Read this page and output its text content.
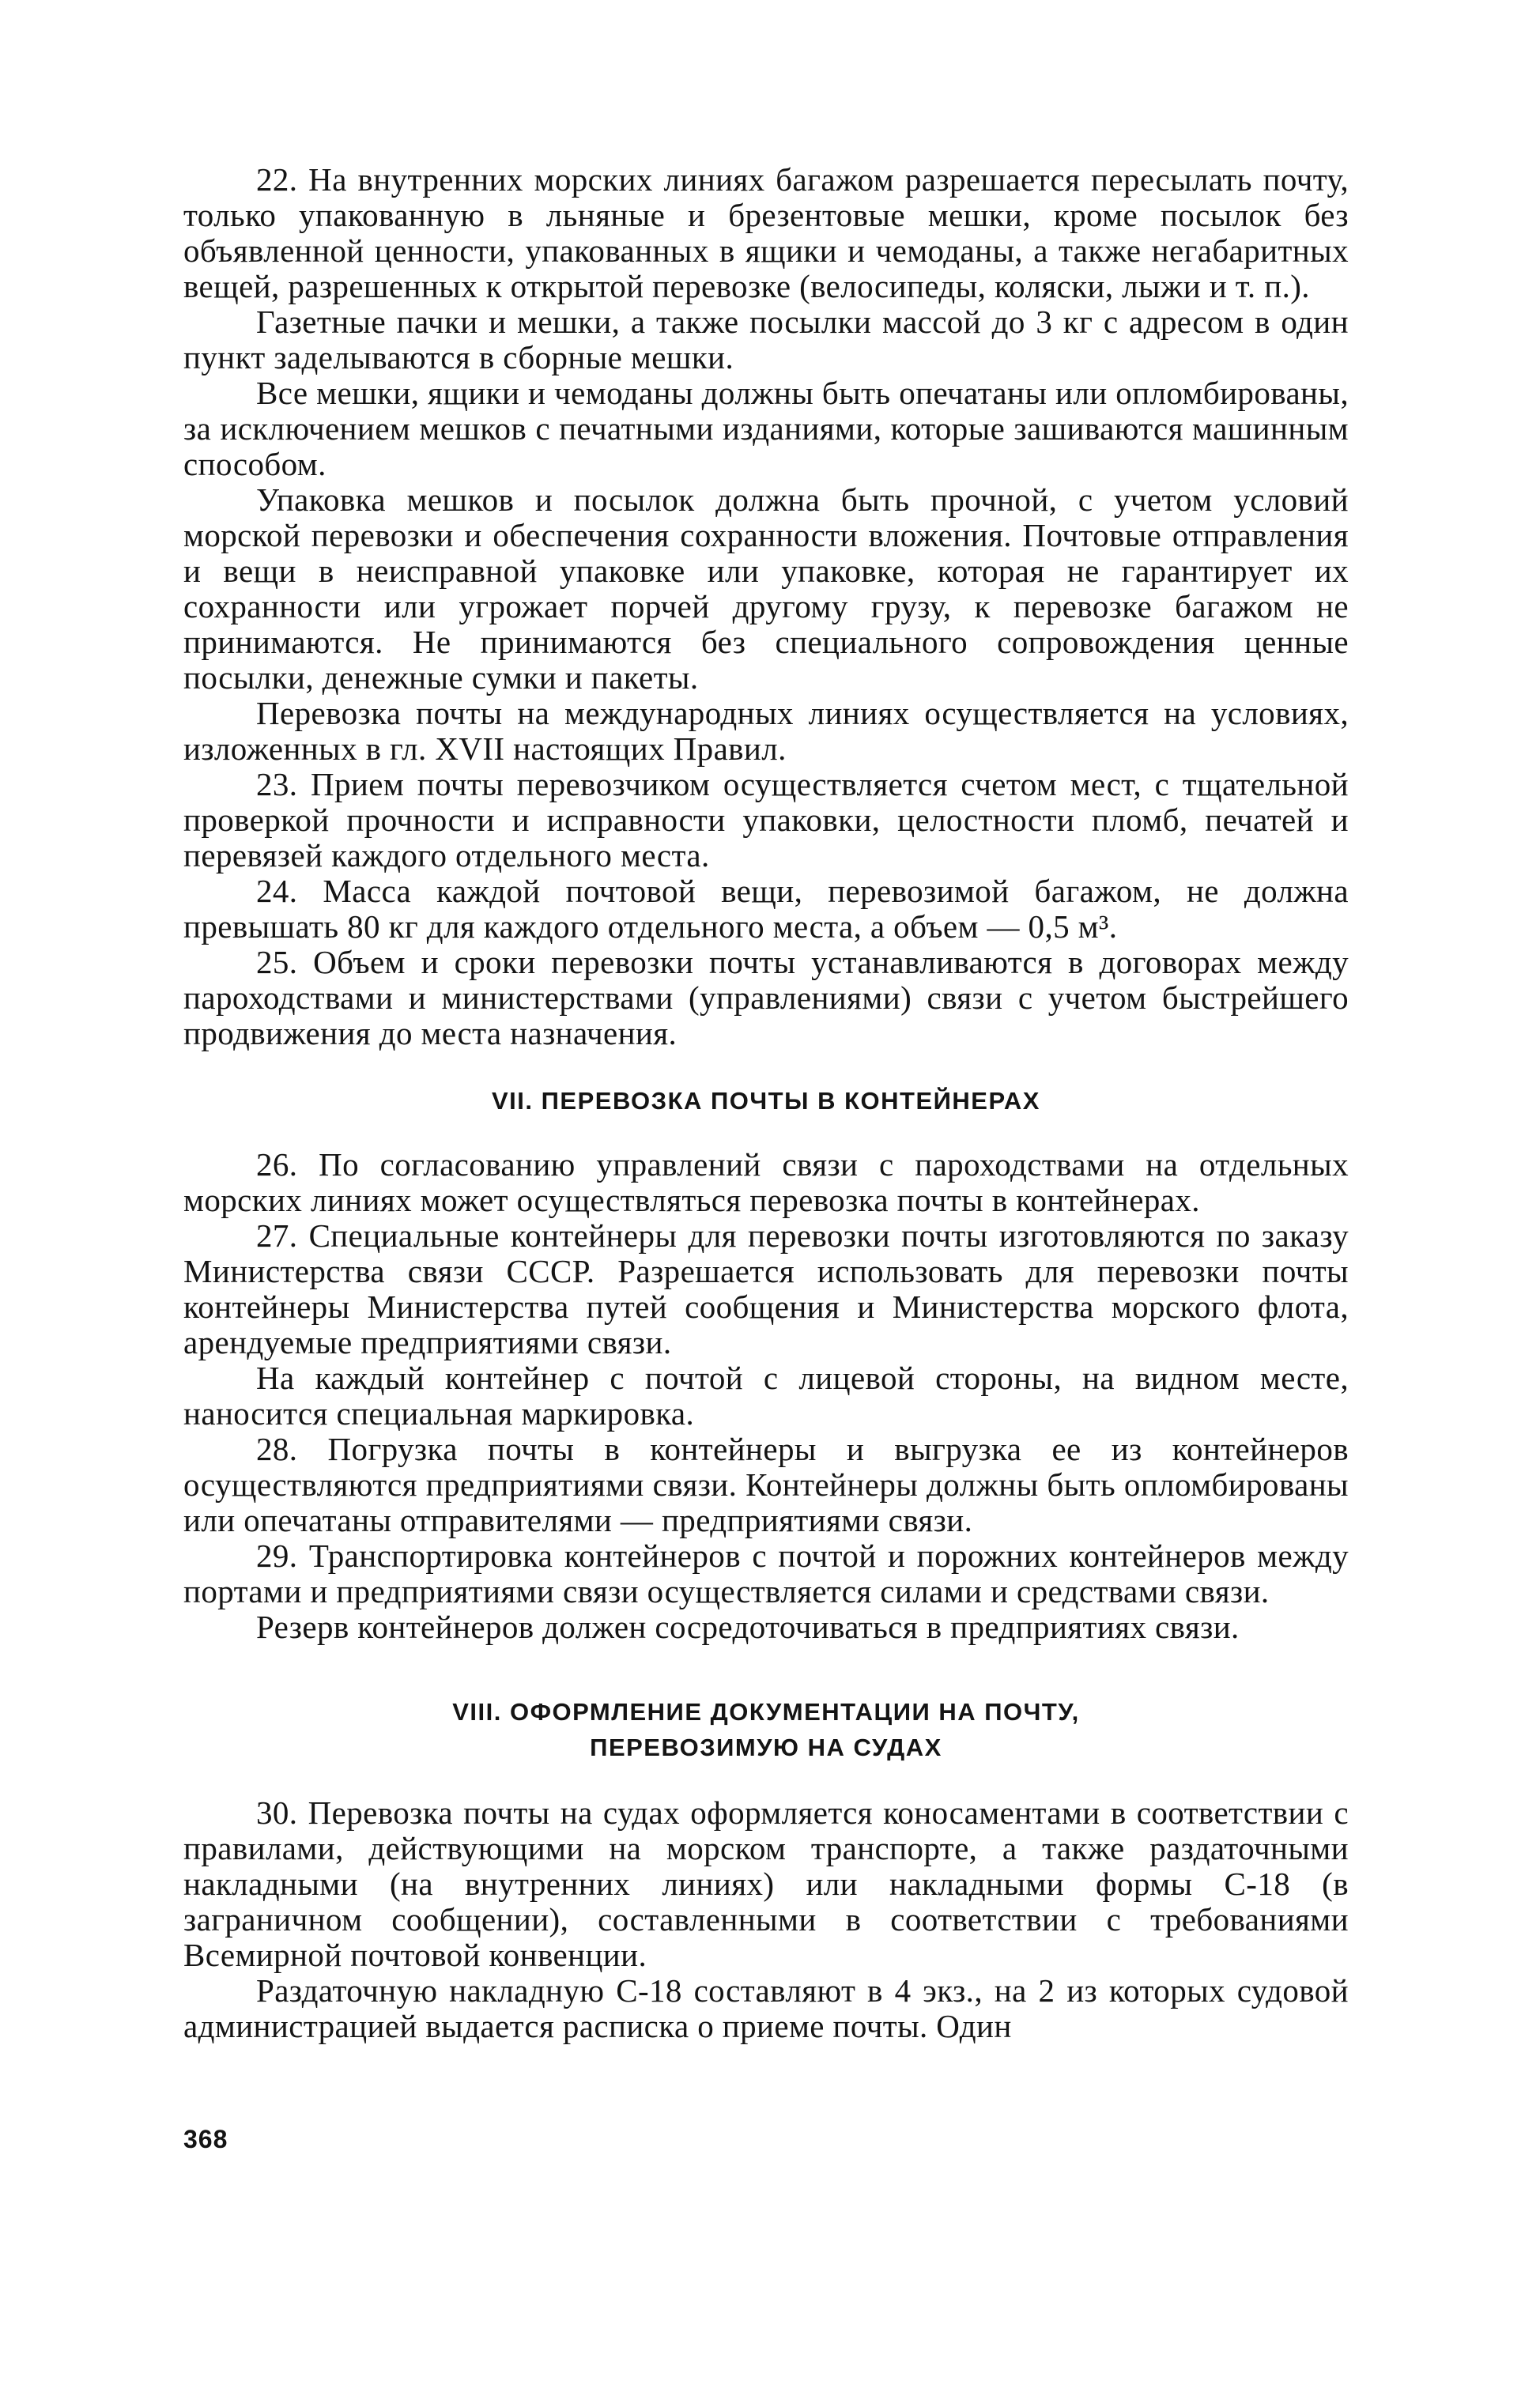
22. На внутренних морских линиях багажом разрешается пересылать почту, только упакованную в льняные и брезентовые мешки, кроме посылок без объявленной ценности, упакованных в ящики и чемоданы, а также негабаритных вещей, разрешенных к открытой перевозке (велосипеды, коляски, лыжи и т. п.).

Газетные пачки и мешки, а также посылки массой до 3 кг с адресом в один пункт заделываются в сборные мешки.

Все мешки, ящики и чемоданы должны быть опечатаны или опломбированы, за исключением мешков с печатными изданиями, которые зашиваются машинным способом.

Упаковка мешков и посылок должна быть прочной, с учетом условий морской перевозки и обеспечения сохранности вложения. Почтовые отправления и вещи в неисправной упаковке или упаковке, которая не гарантирует их сохранности или угрожает порчей другому грузу, к перевозке багажом не принимаются. Не принимаются без специального сопровождения ценные посылки, денежные сумки и пакеты.

Перевозка почты на международных линиях осуществляется на условиях, изложенных в гл. XVII настоящих Правил.

23. Прием почты перевозчиком осуществляется счетом мест, с тщательной проверкой прочности и исправности упаковки, целостности пломб, печатей и перевязей каждого отдельного места.

24. Масса каждой почтовой вещи, перевозимой багажом, не должна превышать 80 кг для каждого отдельного места, а объем — 0,5 м³.

25. Объем и сроки перевозки почты устанавливаются в договорах между пароходствами и министерствами (управлениями) связи с учетом быстрейшего продвижения до места назначения.

VII. ПЕРЕВОЗКА ПОЧТЫ В КОНТЕЙНЕРАХ

26. По согласованию управлений связи с пароходствами на отдельных морских линиях может осуществляться перевозка почты в контейнерах.

27. Специальные контейнеры для перевозки почты изготовляются по заказу Министерства связи СССР. Разрешается использовать для перевозки почты контейнеры Министерства путей сообщения и Министерства морского флота, арендуемые предприятиями связи.

На каждый контейнер с почтой с лицевой стороны, на видном месте, наносится специальная маркировка.

28. Погрузка почты в контейнеры и выгрузка ее из контейнеров осуществляются предприятиями связи. Контейнеры должны быть опломбированы или опечатаны отправителями — предприятиями связи.

29. Транспортировка контейнеров с почтой и порожних контейнеров между портами и предприятиями связи осуществляется силами и средствами связи.

Резерв контейнеров должен сосредоточиваться в предприятиях связи.

VIII. ОФОРМЛЕНИЕ ДОКУМЕНТАЦИИ НА ПОЧТУ,
ПЕРЕВОЗИМУЮ НА СУДАХ

30. Перевозка почты на судах оформляется коносаментами в соответствии с правилами, действующими на морском транспорте, а также раздаточными накладными (на внутренних линиях) или накладными формы С-18 (в заграничном сообщении), составленными в соответствии с требованиями Всемирной почтовой конвенции.

Раздаточную накладную С-18 составляют в 4 экз., на 2 из которых судовой администрацией выдается расписка о приеме почты. Один

368
